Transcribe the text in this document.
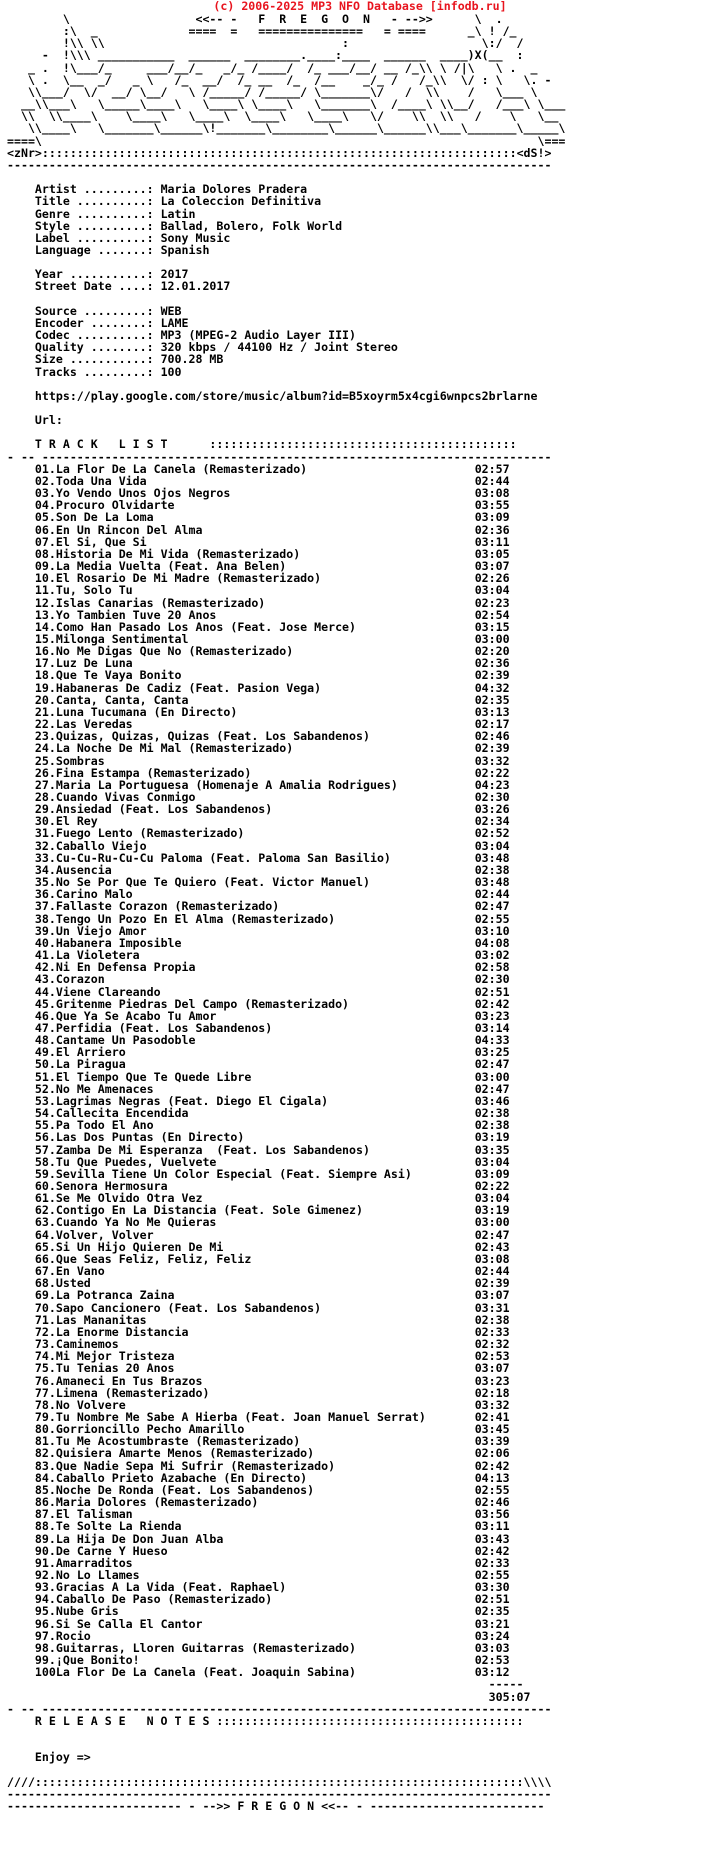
(c) 2006-2025 MP3 NFO Database [infodb.ru]
\                  <<-- -   F  R  E  G  O  N   - -->>      \  .
:\  _             ====  =   ===============   = ====      _\ ! /_
!\\ \\                                  :                   \:/  /
-  !\\\ ___________  ______  ________.____:____  ______  ____)X(__  :
_ .  !\___/_     ___/__/_   _/_ /____/  /_ ___/__/ __ /_\\ \ /|\   \ .  _
\ .  \__  _/   _ \   /_  __/  /_ __  /_  /__    _/_ /   /_\\  \/ : \   \. -
\\___/  \/  __/ \__/   \ /_____/ /_____/ \_______\/   /  \\    /   \___ \
__\\___\   \_____\____\   \____\ \____\   \_______\  /____\ \\__/   /___\ \___
\\  \\____\    \____\   \____\  \____\   \____\   \/    \\  \\   /    \   \__
\\____\   \_______\______\!_______\________\______\______\\___\_______\_____\
====\                                                                       \===
<zNr>::::::::::::::::::::::::::::::::::::::::::::::::::::::::::::::::::::<dS!>
------------------------------------------------------------------------------

Artist .........: Maria Dolores Pradera
Title ..........: La Coleccion Definitiva
Genre ..........: Latin
Style ..........: Ballad, Bolero, Folk World
Label ..........: Sony Music
Language .......: Spanish

Year ...........: 2017
Street Date ....: 12.01.2017

Source .........: WEB
Encoder ........: LAME
Codec ..........: MP3 (MPEG-2 Audio Layer III)
Quality ........: 320 kbps / 44100 Hz / Joint Stereo
Size ...........: 700.28 MB
Tracks .........: 100

https://play.google.com/store/music/album?id=B5xoyrm5x4cgi6wnpcs2brlarne

Url:

T R A C K   L I S T	::::::::::::::::::::::::::::::::::::::::::::
- -- -------------------------------------------------------------------------
01.La Flor De La Canela (Remasterizado)                        02:57
02.Toda Una Vida                                               02:44
03.Yo Vendo Unos Ojos Negros                                   03:08
04.Procuro Olvidarte                                           03:55
05.Son De La Loma                                              03:09
06.En Un Rincon Del Alma                                       02:36
07.El Si, Que Si                                               03:11
08.Historia De Mi Vida (Remasterizado)                         03:05
09.La Media Vuelta (Feat. Ana Belen)                           03:07
10.El Rosario De Mi Madre (Remasterizado)                      02:26
11.Tu, Solo Tu                                                 03:04
12.Islas Canarias (Remasterizado)                              02:23
13.Yo Tambien Tuve 20 Anos                                     02:54
14.Como Han Pasado Los Anos (Feat. Jose Merce)                 03:15
15.Milonga Sentimental                                         03:00
16.No Me Digas Que No (Remasterizado)                          02:20
17.Luz De Luna                                                 02:36
18.Que Te Vaya Bonito                                          02:39
19.Habaneras De Cadiz (Feat. Pasion Vega)                      04:32
20.Canta, Canta, Canta                                         02:35
21.Luna Tucumana (En Directo)                                  03:13
22.Las Veredas                                                 02:17
23.Quizas, Quizas, Quizas (Feat. Los Sabandenos)               02:46
24.La Noche De Mi Mal (Remasterizado)                          02:39
25.Sombras                                                     03:32
26.Fina Estampa (Remasterizado)                                02:22
27.Maria La Portuguesa (Homenaje A Amalia Rodrigues)           04:23
28.Cuando Vivas Conmigo                                        02:30
29.Ansiedad (Feat. Los Sabandenos)                             03:26
30.El Rey                                                      02:34
31.Fuego Lento (Remasterizado)                                 02:52
32.Caballo Viejo                                               03:04
33.Cu-Cu-Ru-Cu-Cu Paloma (Feat. Paloma San Basilio)            03:48
34.Ausencia                                                    02:38
35.No Se Por Que Te Quiero (Feat. Victor Manuel)               03:48
36.Carino Malo                                                 02:44
37.Fallaste Corazon (Remasterizado)                            02:47
38.Tengo Un Pozo En El Alma (Remasterizado)                    02:55
39.Un Viejo Amor                                               03:10
40.Habanera Imposible                                          04:08
41.La Violetera                                                03:02
42.Ni En Defensa Propia                                        02:58
43.Corazon                                                     02:30
44.Viene Clareando                                             02:51
45.Gritenme Piedras Del Campo (Remasterizado)                  02:42
46.Que Ya Se Acabo Tu Amor                                     03:23
47.Perfidia (Feat. Los Sabandenos)                             03:14
48.Cantame Un Pasodoble                                        04:33
49.El Arriero                                                  03:25
50.La Piragua                                                  02:47
51.El Tiempo Que Te Quede Libre                                03:00
52.No Me Amenaces                                              02:47
53.Lagrimas Negras (Feat. Diego El Cigala)                     03:46
54.Callecita Encendida                                         02:38
55.Pa Todo El Ano                                              02:38
56.Las Dos Puntas (En Directo)                                 03:19
57.Zamba De Mi Esperanza  (Feat. Los Sabandenos)               03:35
58.Tu Que Puedes, Vuelvete                                     03:04
59.Sevilla Tiene Un Color Especial (Feat. Siempre Asi)         03:09
60.Senora Hermosura                                            02:22
61.Se Me Olvido Otra Vez                                       03:04
62.Contigo En La Distancia (Feat. Sole Gimenez)                03:19
63.Cuando Ya No Me Quieras                                     03:00
64.Volver, Volver                                              02:47
65.Si Un Hijo Quieren De Mi                                    02:43
66.Que Seas Feliz, Feliz, Feliz                                03:08
67.En Vano                                                     02:44
68.Usted                                                       02:39
69.La Potranca Zaina                                           03:07
70.Sapo Cancionero (Feat. Los Sabandenos)                      03:31
71.Las Mananitas                                               02:38
72.La Enorme Distancia                                         02:33
73.Caminemos                                                   02:32
74.Mi Mejor Tristeza                                           02:53
75.Tu Tenias 20 Anos                                           03:07
76.Amaneci En Tus Brazos                                       03:23
77.Limena (Remasterizado)                                      02:18
78.No Volvere                                                  03:32
79.Tu Nombre Me Sabe A Hierba (Feat. Joan Manuel Serrat)       02:41
80.Gorrioncillo Pecho Amarillo                                 03:45
81.Tu Me Acostumbraste (Remasterizado)                         03:39
82.Quisiera Amarte Menos (Remasterizado)                       02:06
83.Que Nadie Sepa Mi Sufrir (Remasterizado)                    02:42
84.Caballo Prieto Azabache (En Directo)                        04:13
85.Noche De Ronda (Feat. Los Sabandenos)                       02:55
86.Maria Dolores (Remasterizado)                               02:46
87.El Talisman                                                 03:56
88.Te Solte La Rienda                                          03:11
89.La Hija De Don Juan Alba                                    03:43
90.De Carne Y Hueso                                            02:42
91.Amarraditos                                                 02:33
92.No Lo Llames                                                02:55
93.Gracias A La Vida (Feat. Raphael)                           03:30
94.Caballo De Paso (Remasterizado)                             02:51
95.Nube Gris                                                   02:35
96.Si Se Calla El Cantor                                       03:21
97.Rocio                                                       03:24
98.Guitarras, Lloren Guitarras (Remasterizado)                 03:03
99.¡Que Bonito!                                                02:53
100La Flor De La Canela (Feat. Joaquin Sabina)                 03:12
-----
305:07
- -- -------------------------------------------------------------------------
R E L E A S E   N O T E S ::::::::::::::::::::::::::::::::::::::::::::

Enjoy =>

////::::::::::::::::::::::::::::::::::::::::::::::::::::::::::::::::::::::\\\\
------------------------------------------------------------------------------
------------------------- - -->> F R E G O N <<-- - -------------------------
